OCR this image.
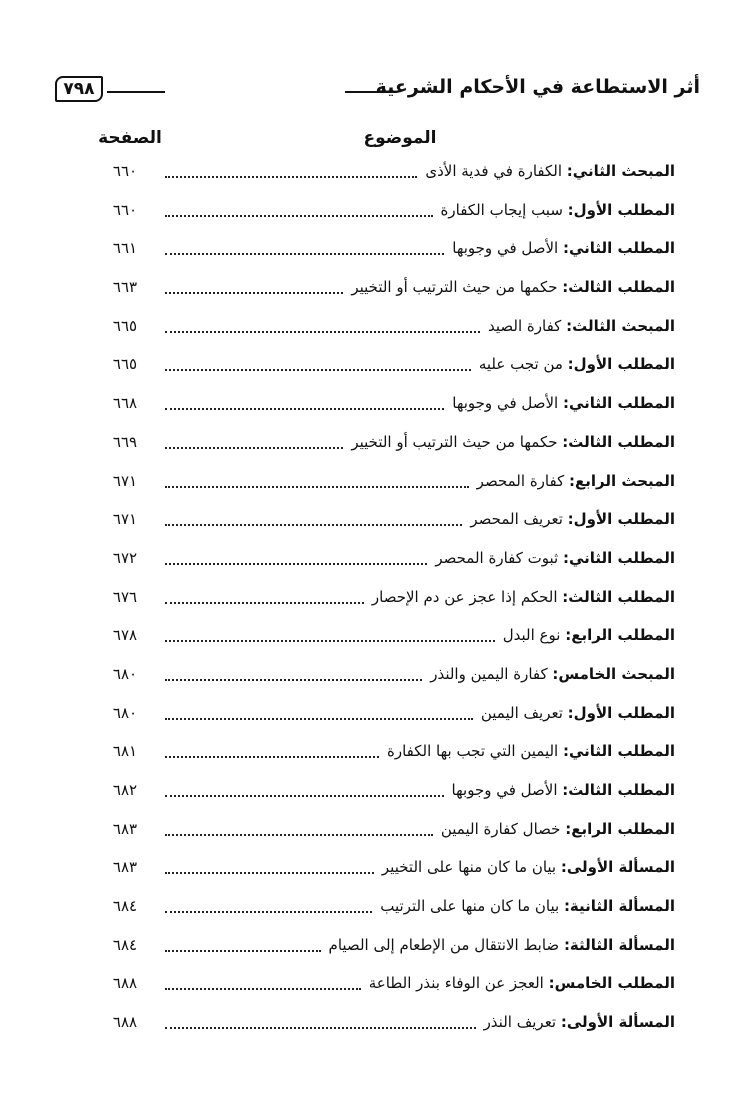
٧٩٨	أثر الاستطاعة في الأحكام الشرعية
الصفحة	الموضوع
٦٦٠	المبحث الثاني: الكفارة في فدية الأذى
٦٦٠	المطلب الأول: سبب إيجاب الكفارة
٦٦١	المطلب الثاني: الأصل في وجوبها
٦٦٣	المطلب الثالث: حكمها من حيث الترتيب أو التخيير
٦٦٥	المبحث الثالث: كفارة الصيد
٦٦٥	المطلب الأول: من تجب عليه
٦٦٨	المطلب الثاني: الأصل في وجوبها
٦٦٩	المطلب الثالث: حكمها من حيث الترتيب أو التخيير
٦٧١	المبحث الرابع: كفارة المحصر
٦٧١	المطلب الأول: تعريف المحصر
٦٧٢	المطلب الثاني: ثبوت كفارة المحصر
٦٧٦	المطلب الثالث: الحكم إذا عجز عن دم الإحصار
٦٧٨	المطلب الرابع: نوع البدل
٦٨٠	المبحث الخامس: كفارة اليمين والنذر
٦٨٠	المطلب الأول: تعريف اليمين
٦٨١	المطلب الثاني: اليمين التي تجب بها الكفارة
٦٨٢	المطلب الثالث: الأصل في وجوبها
٦٨٣	المطلب الرابع: خصال كفارة اليمين
٦٨٣	المسألة الأولى: بيان ما كان منها على التخيير
٦٨٤	المسألة الثانية: بيان ما كان منها على الترتيب
٦٨٤	المسألة الثالثة: ضابط الانتقال من الإطعام إلى الصيام
٦٨٨	المطلب الخامس: العجز عن الوفاء بنذر الطاعة
٦٨٨	المسألة الأولى: تعريف النذر
